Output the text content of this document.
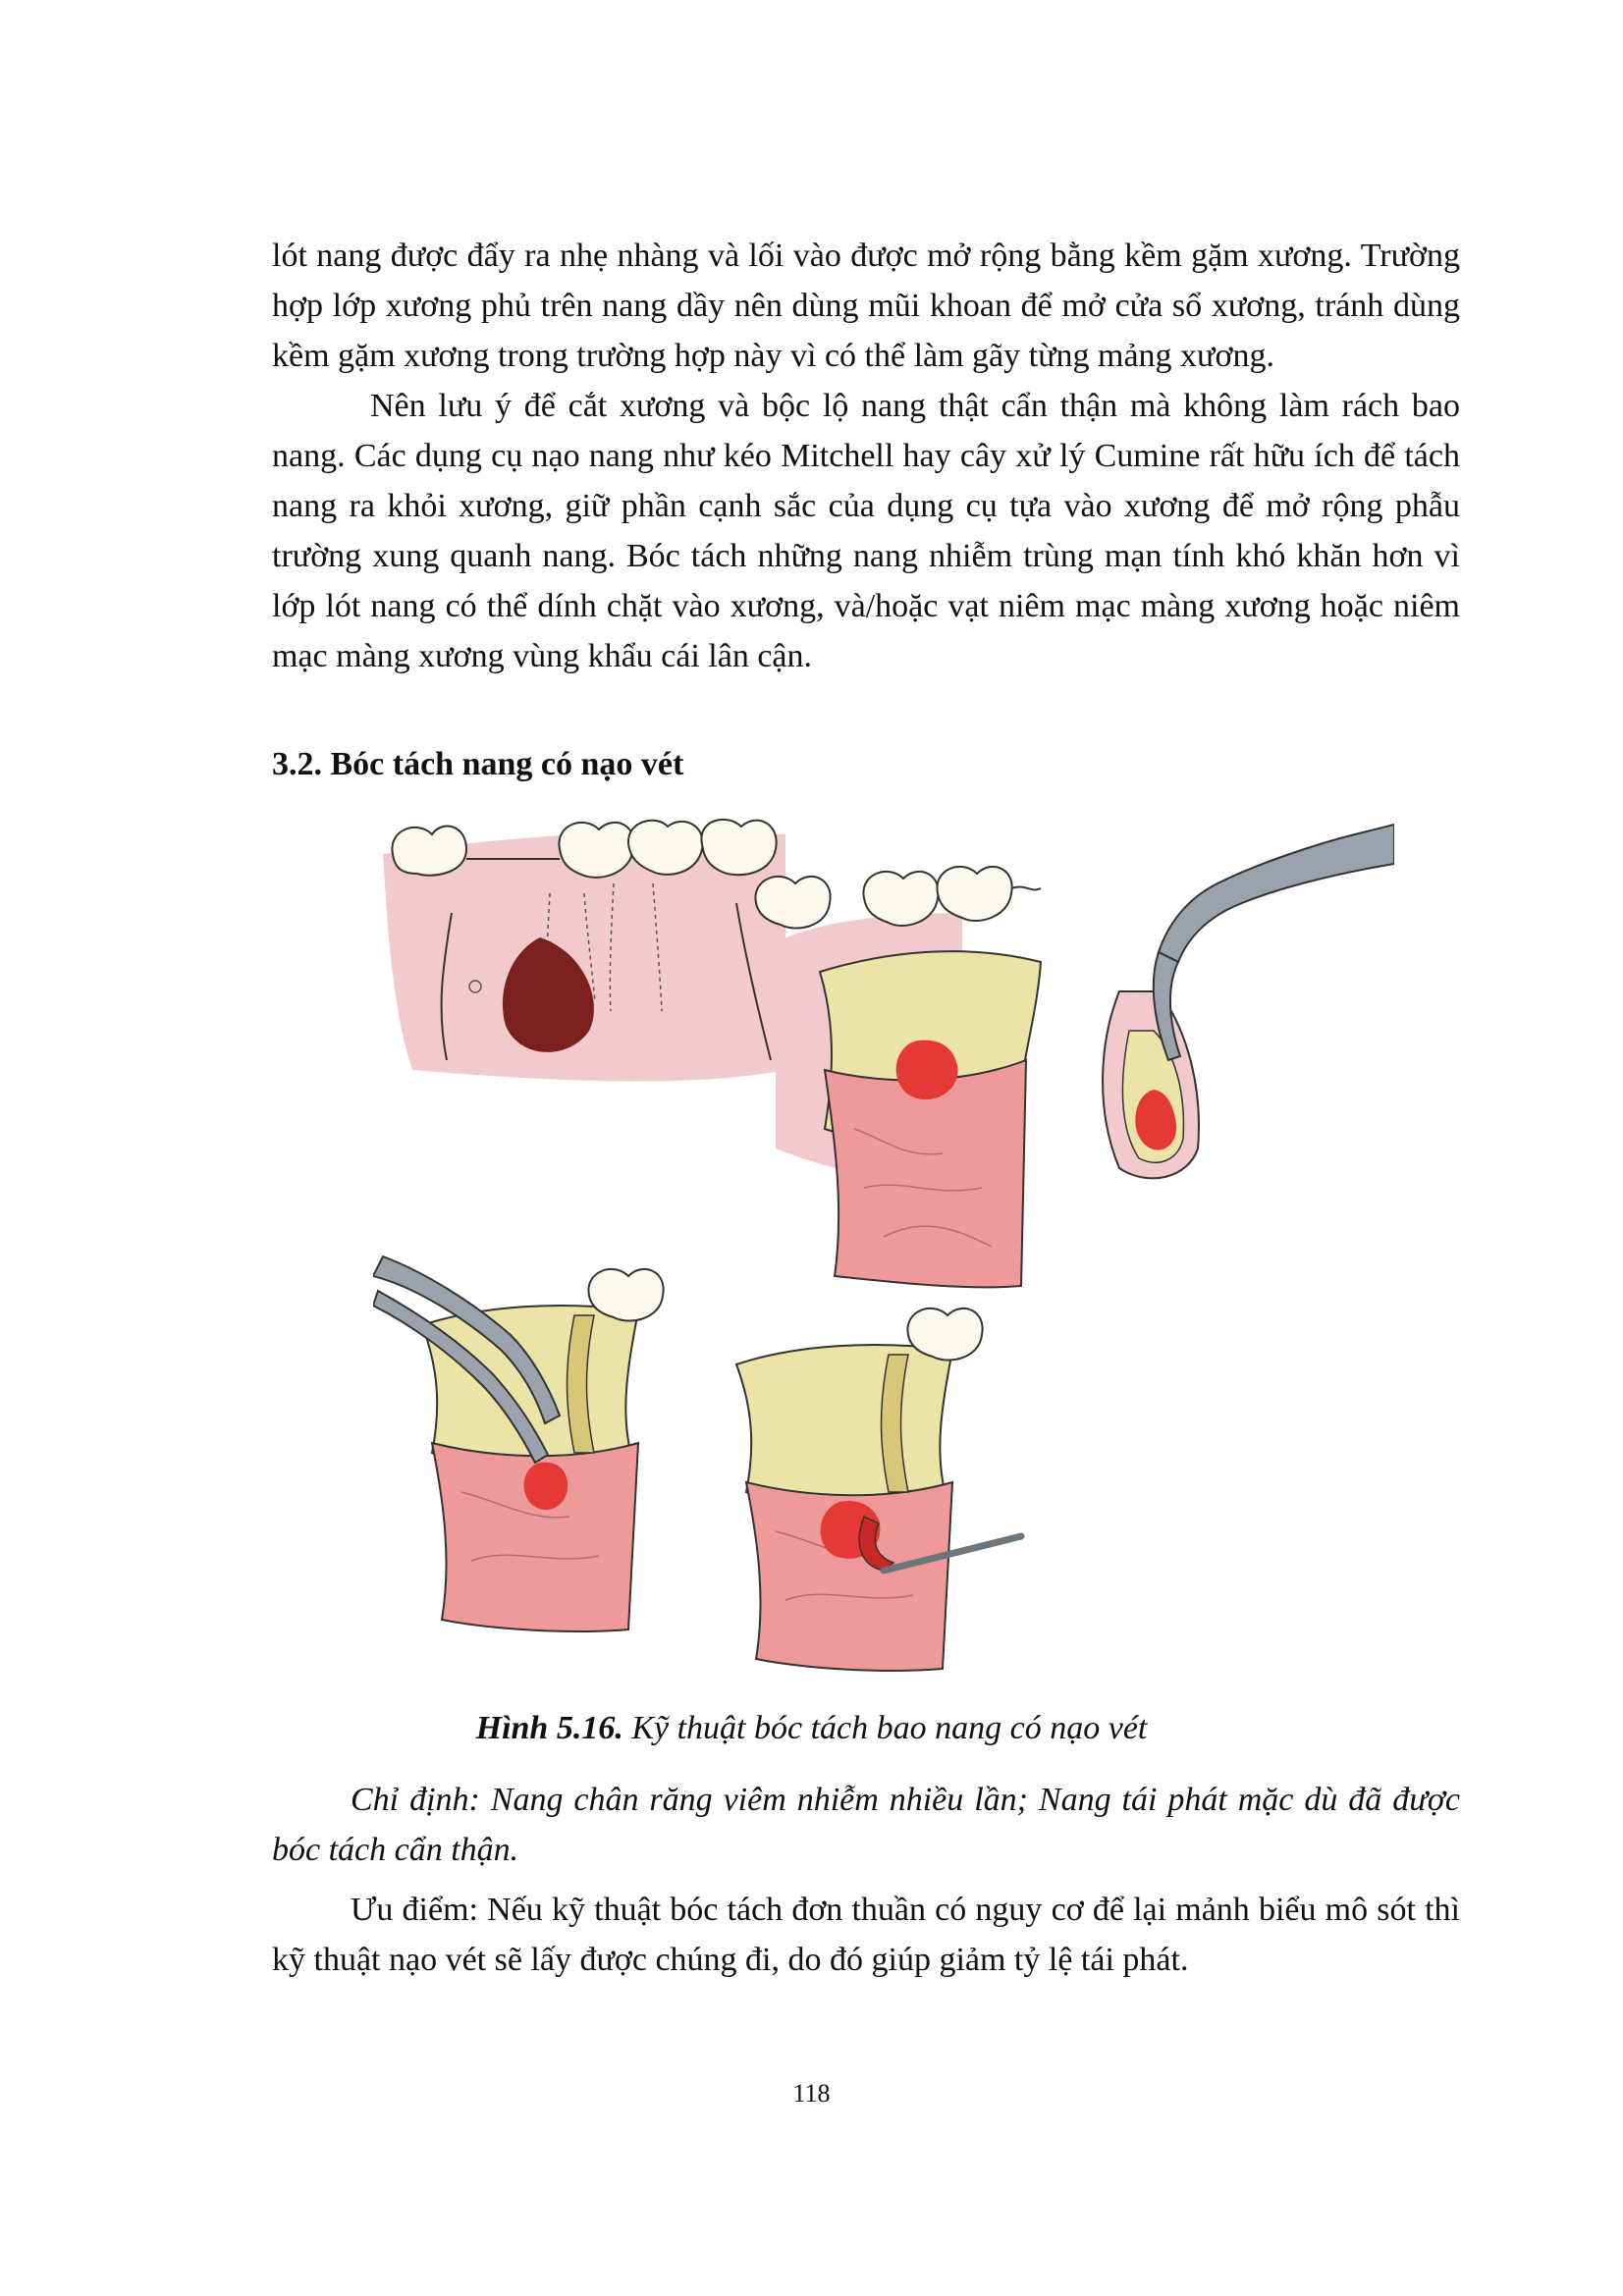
lót nang được đẩy ra nhẹ nhàng và lối vào được mở rộng bằng kềm gặm xương. Trường hợp lớp xương phủ trên nang dầy nên dùng mũi khoan để mở cửa sổ xương, tránh dùng kềm gặm xương trong trường hợp này vì có thể làm gãy từng mảng xương.

Nên lưu ý để cắt xương và bộc lộ nang thật cẩn thận mà không làm rách bao nang. Các dụng cụ nạo nang như kéo Mitchell hay cây xử lý Cumine rất hữu ích để tách nang ra khỏi xương, giữ phần cạnh sắc của dụng cụ tựa vào xương để mở rộng phẫu trường xung quanh nang. Bóc tách những nang nhiễm trùng mạn tính khó khăn hơn vì lớp lót nang có thể dính chặt vào xương, và/hoặc vạt niêm mạc màng xương hoặc niêm mạc màng xương vùng khẩu cái lân cận.

3.2. Bóc tách nang có nạo vét
Hình 5.16. Kỹ thuật bóc tách bao nang có nạo vét

Chỉ định: Nang chân răng viêm nhiễm nhiều lần; Nang tái phát mặc dù đã được bóc tách cẩn thận.

Ưu điểm: Nếu kỹ thuật bóc tách đơn thuần có nguy cơ để lại mảnh biểu mô sót thì kỹ thuật nạo vét sẽ lấy được chúng đi, do đó giúp giảm tỷ lệ tái phát.

118
